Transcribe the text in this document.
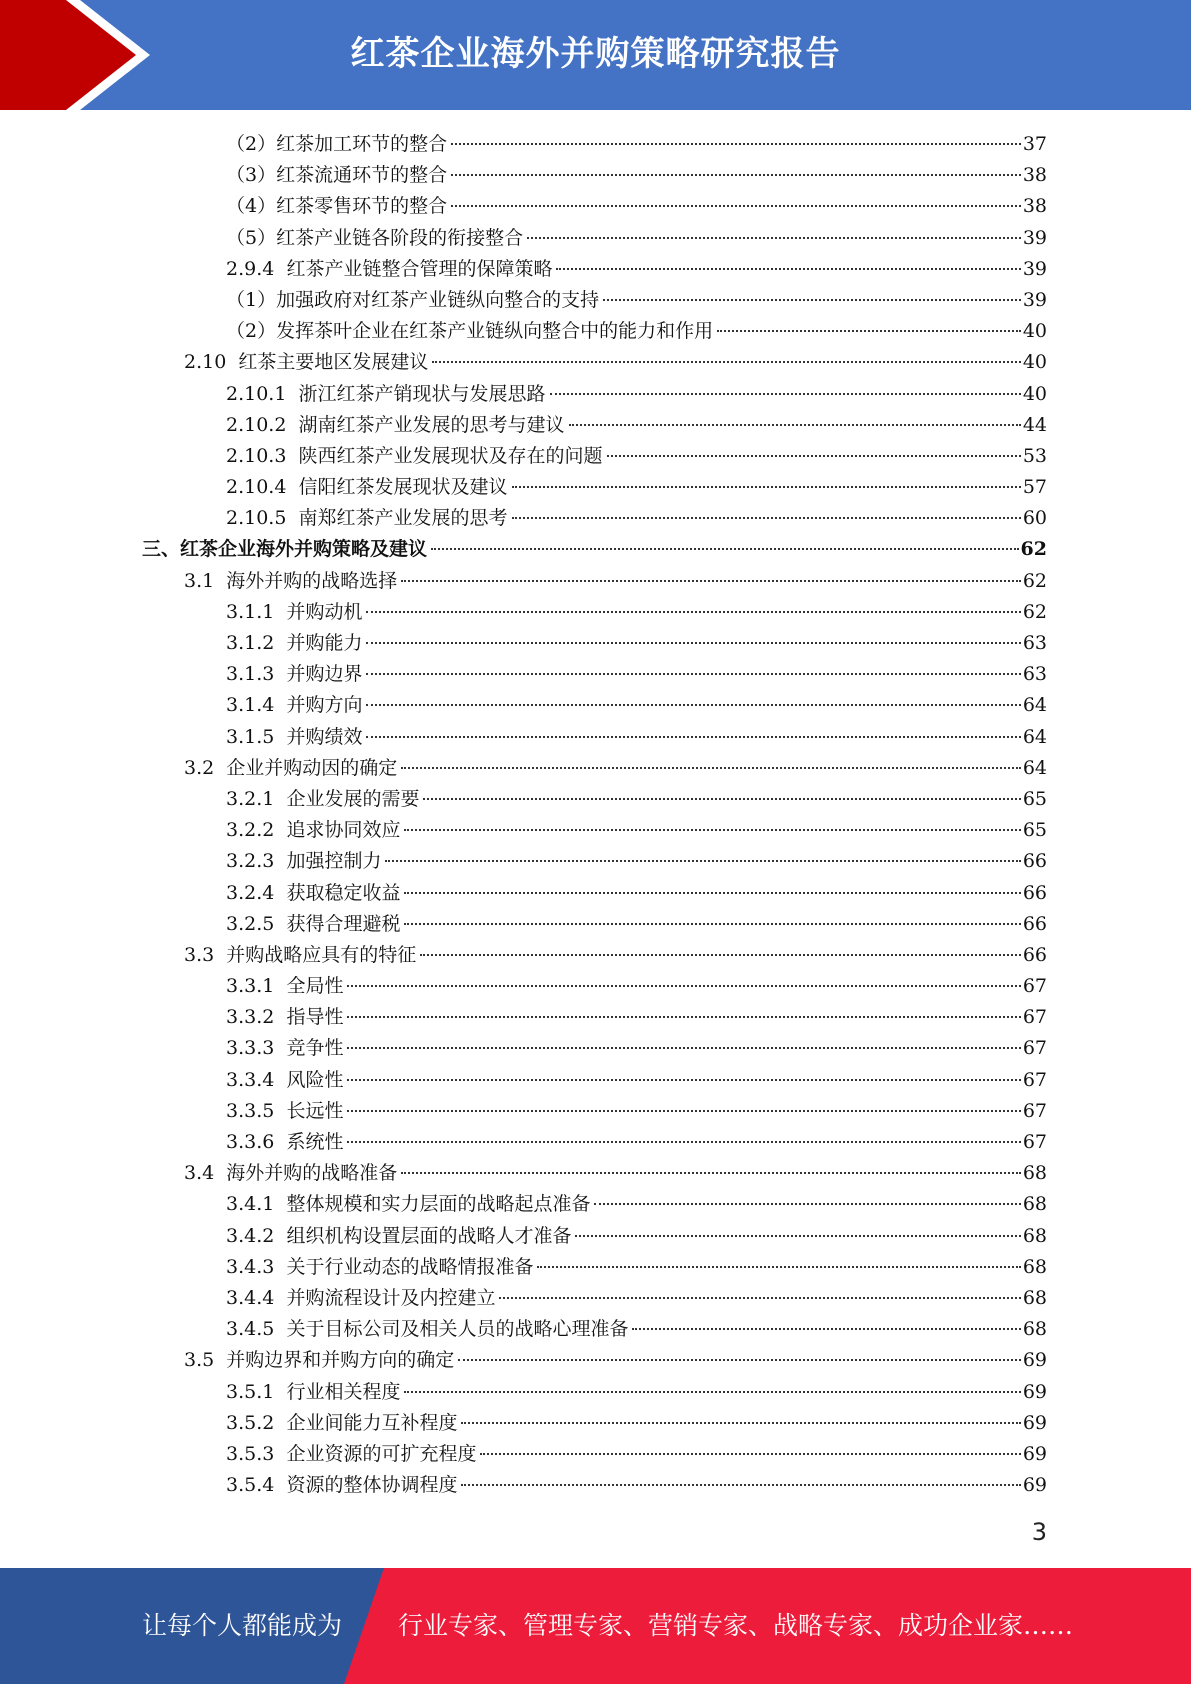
红茶企业海外并购策略研究报告
（2） 红茶加工环节的整合	37
（3） 红茶流通环节的整合	38
（4） 红茶零售环节的整合	38
（5） 红茶产业链各阶段的衔接整合	39
2.9.4 红茶产业链整合管理的保障策略	39
（1） 加强政府对红茶产业链纵向整合的支持	39
（2） 发挥茶叶企业在红茶产业链纵向整合中的能力和作用	40
2.10 红茶主要地区发展建议	40
2.10.1 浙江红茶产销现状与发展思路	40
2.10.2 湖南红茶产业发展的思考与建议	44
2.10.3 陕西红茶产业发展现状及存在的问题	53
2.10.4 信阳红茶发展现状及建议	57
2.10.5 南郑红茶产业发展的思考	60
三、 红茶企业海外并购策略及建议	62
3.1 海外并购的战略选择	62
3.1.1 并购动机	62
3.1.2 并购能力	63
3.1.3 并购边界	63
3.1.4 并购方向	64
3.1.5 并购绩效	64
3.2 企业并购动因的确定	64
3.2.1 企业发展的需要	65
3.2.2 追求协同效应	65
3.2.3 加强控制力	66
3.2.4 获取稳定收益	66
3.2.5 获得合理避税	66
3.3 并购战略应具有的特征	66
3.3.1 全局性	67
3.3.2 指导性	67
3.3.3 竞争性	67
3.3.4 风险性	67
3.3.5 长远性	67
3.3.6 系统性	67
3.4 海外并购的战略准备	68
3.4.1 整体规模和实力层面的战略起点准备	68
3.4.2 组织机构设置层面的战略人才准备	68
3.4.3 关于行业动态的战略情报准备	68
3.4.4 并购流程设计及内控建立	68
3.4.5 关于目标公司及相关人员的战略心理准备	68
3.5 并购边界和并购方向的确定	69
3.5.1 行业相关程度	69
3.5.2 企业间能力互补程度	69
3.5.3 企业资源的可扩充程度	69
3.5.4 资源的整体协调程度	69
3
让每个人都能成为 行业专家、管理专家、营销专家、战略专家、成功企业家……
